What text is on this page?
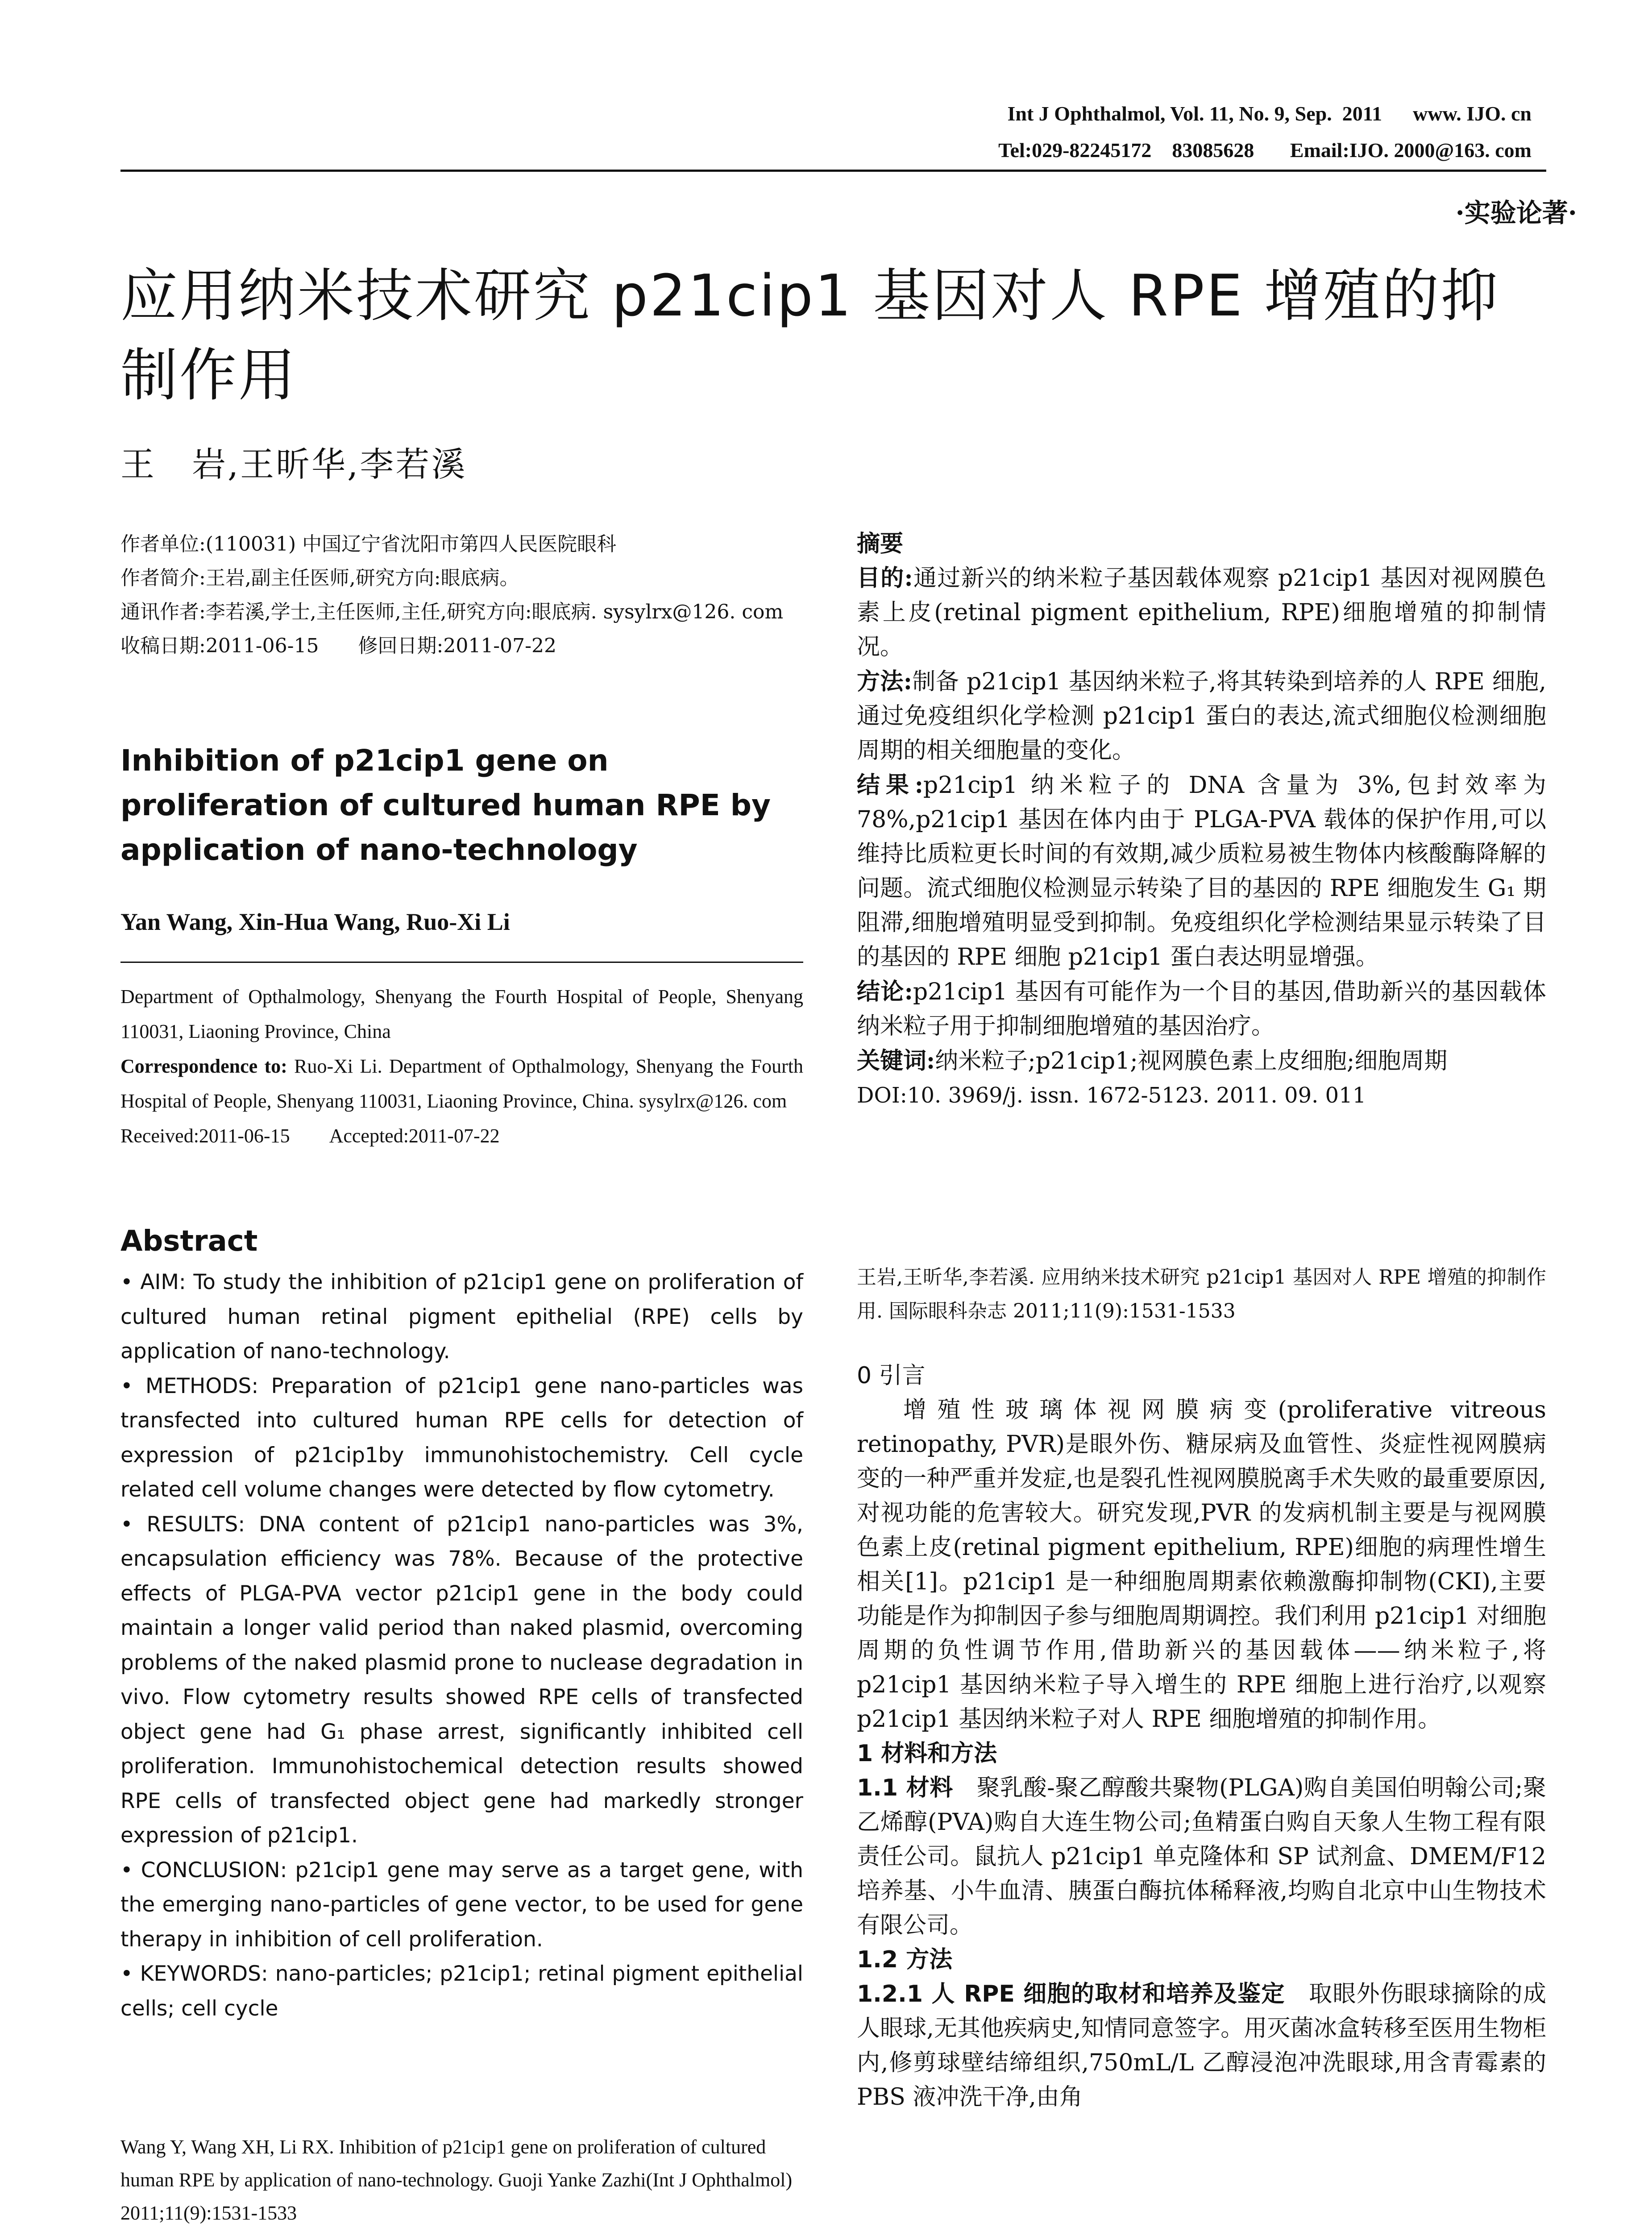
Int J Ophthalmol, Vol. 11, No. 9, Sep.  2011      www. IJO. cn
Tel:029-82245172    83085628       Email:IJO. 2000@163. com
·实验论著·
应用纳米技术研究 p21cip1 基因对人 RPE 增殖的抑制作用
王　岩,王昕华,李若溪

作者单位:(110031) 中国辽宁省沈阳市第四人民医院眼科

作者简介:王岩,副主任医师,研究方向:眼底病。

通讯作者:李若溪,学士,主任医师,主任,研究方向:眼底病. sysylrx@126. com

收稿日期:2011-06-15　　修回日期:2011-07-22

Inhibition of p21cip1 gene on proliferation of cultured human RPE by application of nano-technology
Yan Wang, Xin-Hua Wang, Ruo-Xi Li

Department of Opthalmology, Shenyang the Fourth Hospital of People, Shenyang 110031, Liaoning Province, China

Correspondence to: Ruo-Xi Li. Department of Opthalmology, Shenyang the Fourth Hospital of People, Shenyang 110031, Liaoning Province, China. sysylrx@126. com

Received:2011-06-15　　Accepted:2011-07-22

Abstract

• AIM: To study the inhibition of p21cip1 gene on proliferation of cultured human retinal pigment epithelial (RPE) cells by application of nano-technology.

• METHODS: Preparation of p21cip1 gene nano-particles was transfected into cultured human RPE cells for detection of expression of p21cip1by immunohistochemistry. Cell cycle related cell volume changes were detected by flow cytometry.

• RESULTS: DNA content of p21cip1 nano-particles was 3%, encapsulation efficiency was 78%. Because of the protective effects of PLGA-PVA vector p21cip1 gene in the body could maintain a longer valid period than naked plasmid, overcoming problems of the naked plasmid prone to nuclease degradation in vivo. Flow cytometry results showed RPE cells of transfected object gene had G₁ phase arrest, significantly inhibited cell proliferation. Immunohistochemical detection results showed RPE cells of transfected object gene had markedly stronger expression of p21cip1.

• CONCLUSION: p21cip1 gene may serve as a target gene, with the emerging nano-particles of gene vector, to be used for gene therapy in inhibition of cell proliferation.

• KEYWORDS: nano-particles; p21cip1; retinal pigment epithelial cells; cell cycle

Wang Y, Wang XH, Li RX. Inhibition of p21cip1 gene on proliferation of cultured human RPE by application of nano-technology. Guoji Yanke Zazhi(Int J Ophthalmol) 2011;11(9):1531-1533

摘要

目的:通过新兴的纳米粒子基因载体观察 p21cip1 基因对视网膜色素上皮(retinal pigment epithelium, RPE)细胞增殖的抑制情况。

方法:制备 p21cip1 基因纳米粒子,将其转染到培养的人 RPE 细胞,通过免疫组织化学检测 p21cip1 蛋白的表达,流式细胞仪检测细胞周期的相关细胞量的变化。

结果:p21cip1 纳米粒子的 DNA 含量为 3%,包封效率为 78%,p21cip1 基因在体内由于 PLGA-PVA 载体的保护作用,可以维持比质粒更长时间的有效期,减少质粒易被生物体内核酸酶降解的问题。流式细胞仪检测显示转染了目的基因的 RPE 细胞发生 G₁ 期阻滞,细胞增殖明显受到抑制。免疫组织化学检测结果显示转染了目的基因的 RPE 细胞 p21cip1 蛋白表达明显增强。

结论:p21cip1 基因有可能作为一个目的基因,借助新兴的基因载体纳米粒子用于抑制细胞增殖的基因治疗。

关键词:纳米粒子;p21cip1;视网膜色素上皮细胞;细胞周期

DOI:10. 3969/j. issn. 1672-5123. 2011. 09. 011

王岩,王昕华,李若溪. 应用纳米技术研究 p21cip1 基因对人 RPE 增殖的抑制作用. 国际眼科杂志 2011;11(9):1531-1533

0 引言

增殖性玻璃体视网膜病变(proliferative vitreous retinopathy, PVR)是眼外伤、糖尿病及血管性、炎症性视网膜病变的一种严重并发症,也是裂孔性视网膜脱离手术失败的最重要原因,对视功能的危害较大。研究发现,PVR 的发病机制主要是与视网膜色素上皮(retinal pigment epithelium, RPE)细胞的病理性增生相关[1]。p21cip1 是一种细胞周期素依赖激酶抑制物(CKI),主要功能是作为抑制因子参与细胞周期调控。我们利用 p21cip1 对细胞周期的负性调节作用,借助新兴的基因载体——纳米粒子,将 p21cip1 基因纳米粒子导入增生的 RPE 细胞上进行治疗,以观察 p21cip1 基因纳米粒子对人 RPE 细胞增殖的抑制作用。

1 材料和方法

1.1 材料　聚乳酸-聚乙醇酸共聚物(PLGA)购自美国伯明翰公司;聚乙烯醇(PVA)购自大连生物公司;鱼精蛋白购自天象人生物工程有限责任公司。鼠抗人 p21cip1 单克隆体和 SP 试剂盒、DMEM/F12 培养基、小牛血清、胰蛋白酶抗体稀释液,均购自北京中山生物技术有限公司。

1.2 方法

1.2.1 人 RPE 细胞的取材和培养及鉴定　取眼外伤眼球摘除的成人眼球,无其他疾病史,知情同意签字。用灭菌冰盒转移至医用生物柜内,修剪球壁结缔组织,750mL/L 乙醇浸泡冲洗眼球,用含青霉素的 PBS 液冲洗干净,由角
